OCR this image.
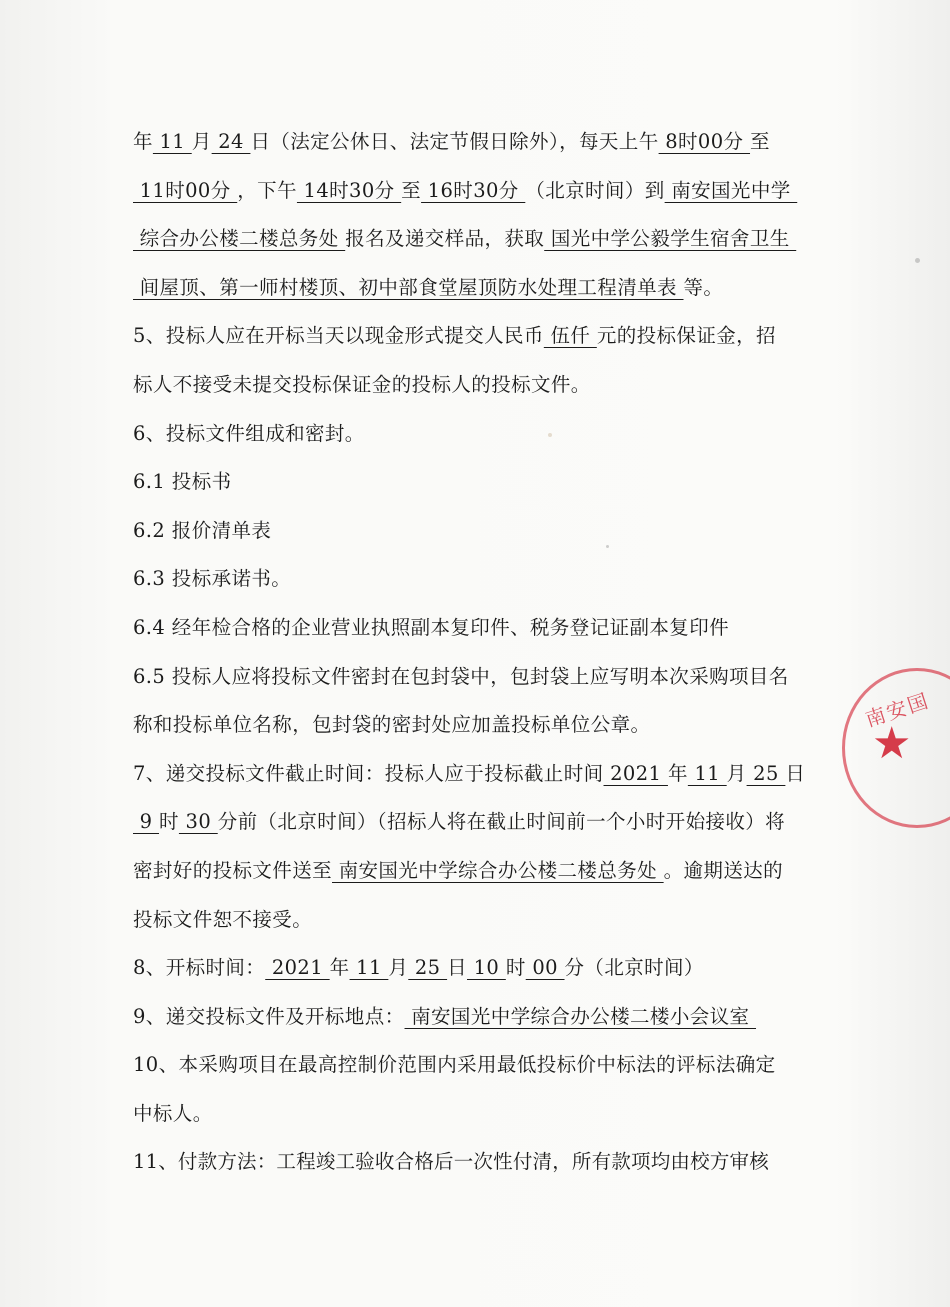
年 11 月 24 日（法定公休日、法定节假日除外），每天上午 8时00分 至
11时00分 ，下午 14时30分 至 16时30分 （北京时间）到 南安国光中学
综合办公楼二楼总务处 报名及递交样品，获取 国光中学公毅学生宿舍卫生
间屋顶、第一师村楼顶、初中部食堂屋顶防水处理工程清单表 等。
5、投标人应在开标当天以现金形式提交人民币 伍仟 元的投标保证金，招
标人不接受未提交投标保证金的投标人的投标文件。
6、投标文件组成和密封。
6.1 投标书
6.2 报价清单表
6.3 投标承诺书。
6.4 经年检合格的企业营业执照副本复印件、税务登记证副本复印件
6.5 投标人应将投标文件密封在包封袋中，包封袋上应写明本次采购项目名
称和投标单位名称，包封袋的密封处应加盖投标单位公章。
7、递交投标文件截止时间：投标人应于投标截止时间 2021 年 11 月 25 日
9 时 30 分前（北京时间）（招标人将在截止时间前一个小时开始接收）将
密封好的投标文件送至 南安国光中学综合办公楼二楼总务处 。逾期送达的
投标文件恕不接受。
8、开标时间： 2021 年 11 月 25 日 10 时 00 分（北京时间）
9、递交投标文件及开标地点： 南安国光中学综合办公楼二楼小会议室
10、本采购项目在最高控制价范围内采用最低投标价中标法的评标法确定
中标人。
11、付款方法：工程竣工验收合格后一次性付清，所有款项均由校方审核
南安国
★
